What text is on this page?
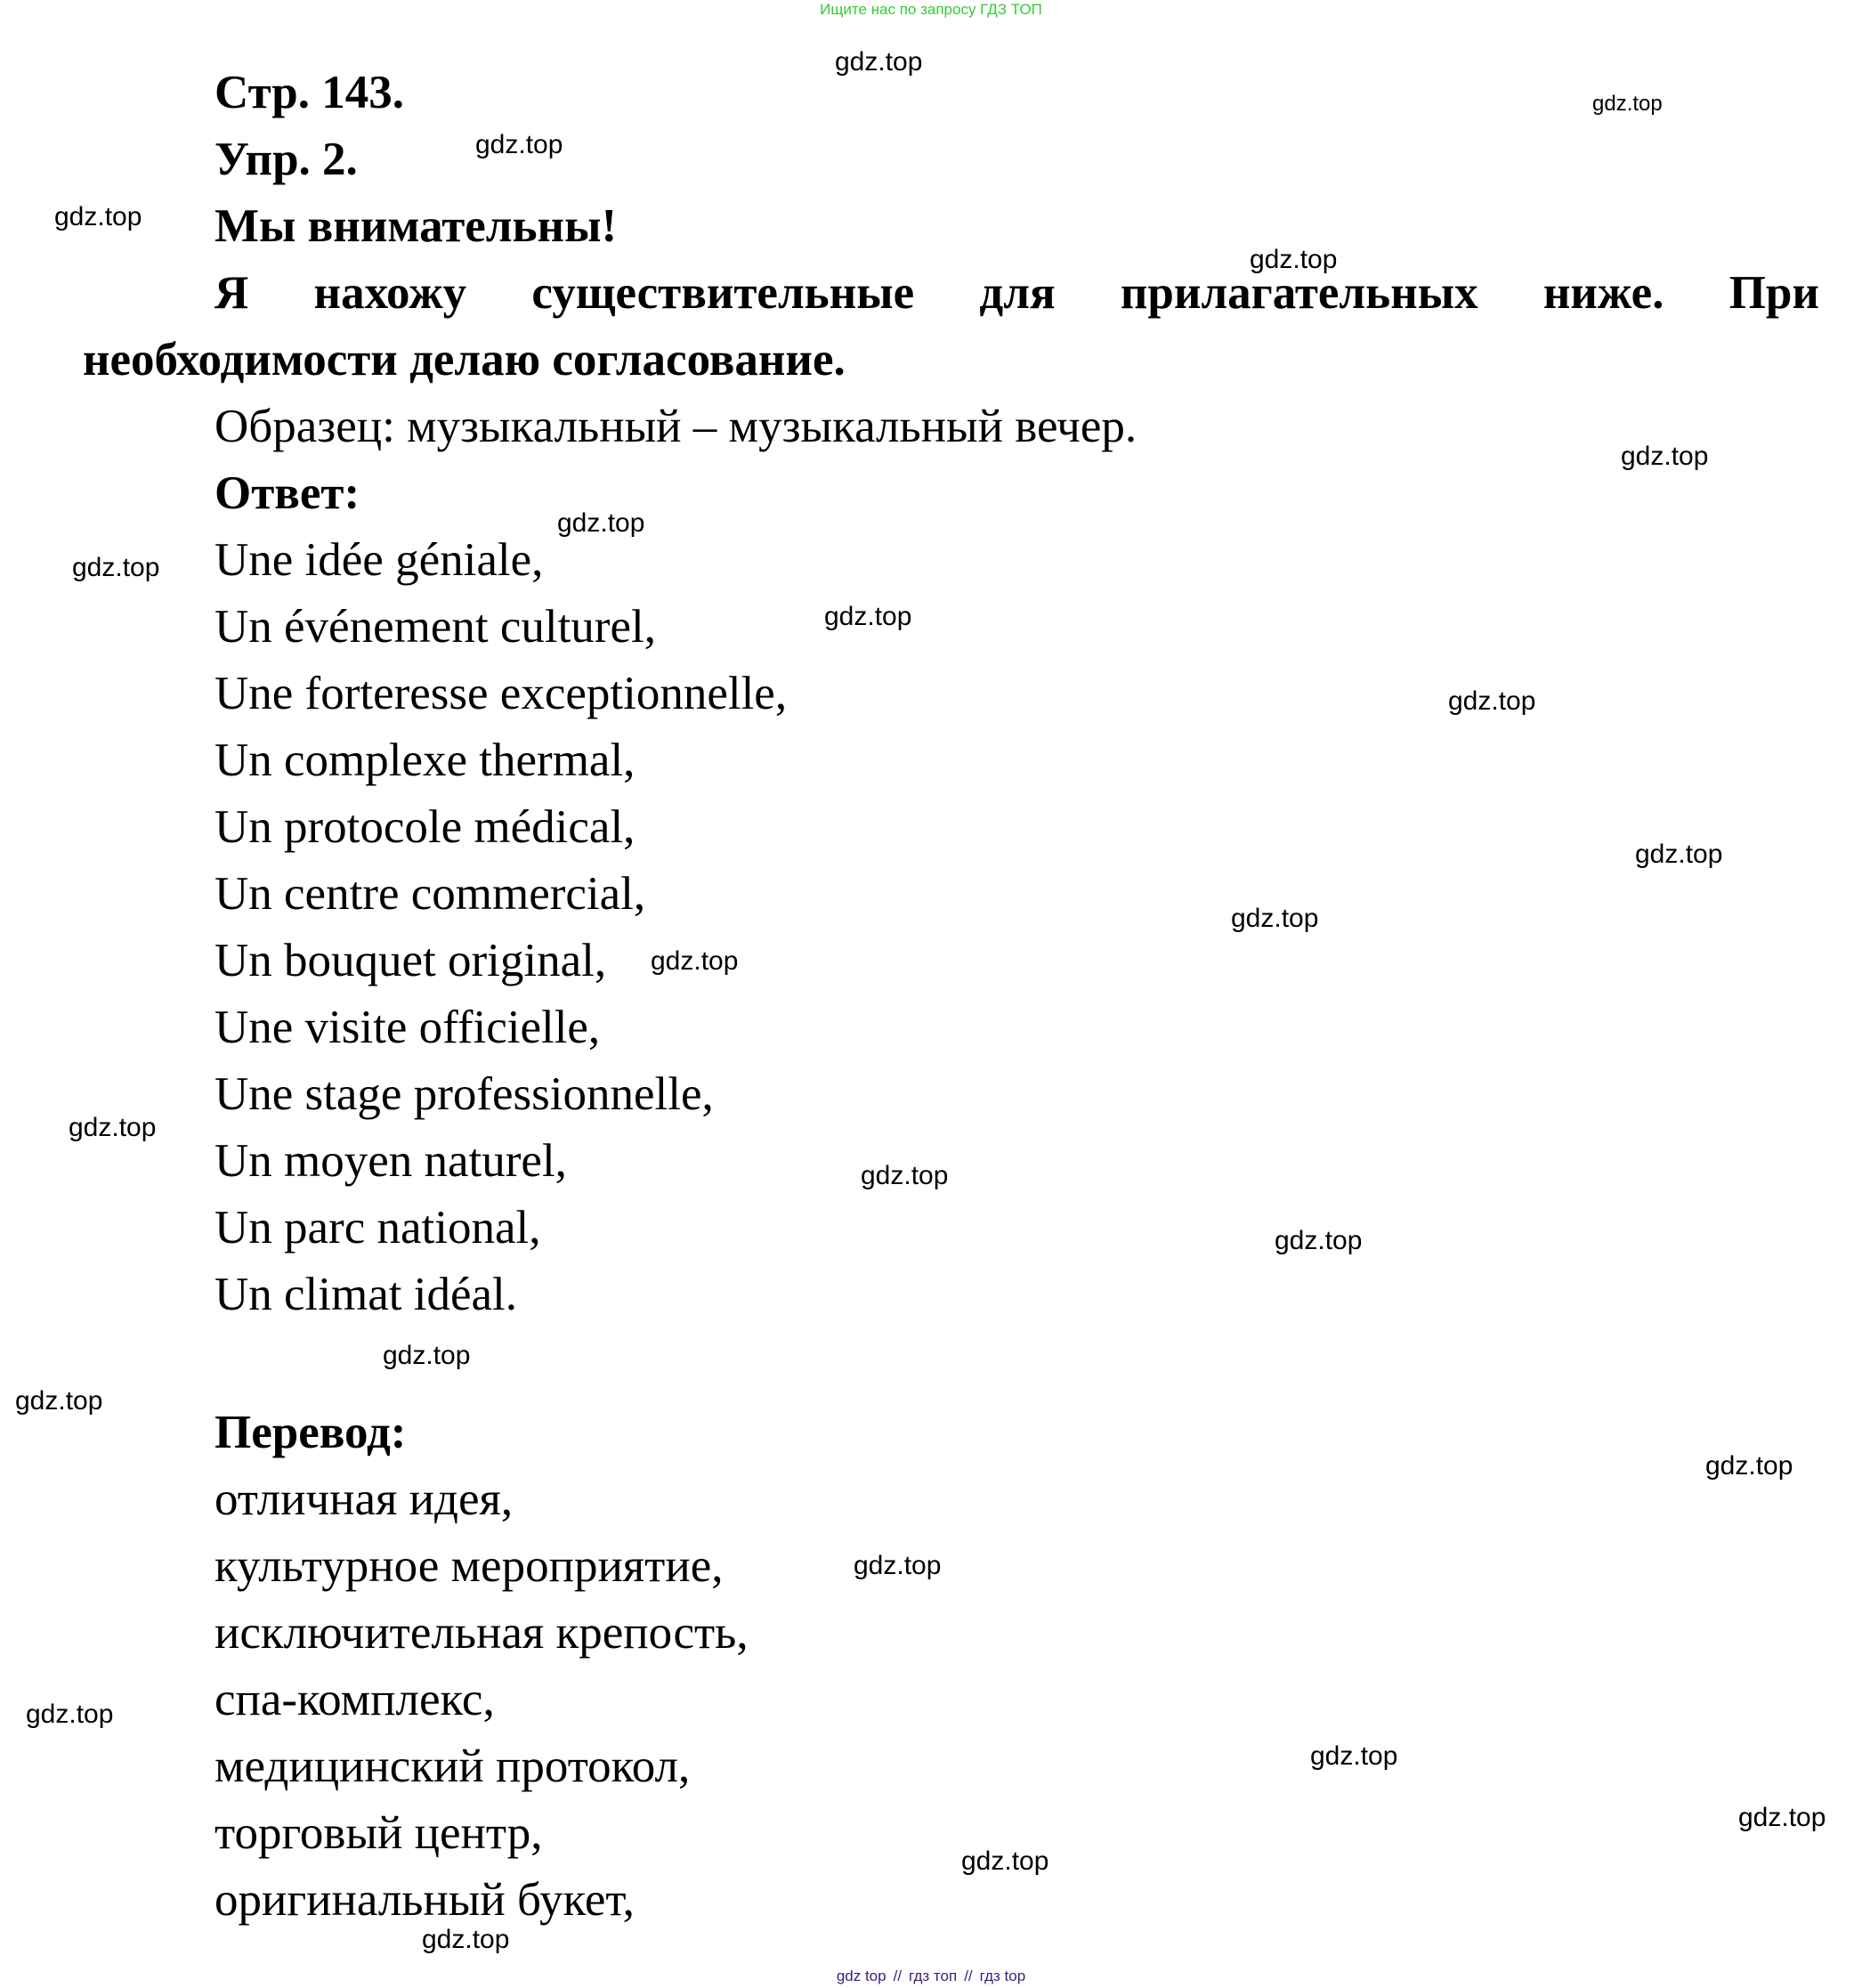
Ищите нас по запросу ГДЗ ТОП
Стр. 143.
Упр. 2.
Мы внимательны!
Я нахожу существительные для прилагательных ниже. При
необходимости делаю согласование.
Образец: музыкальный – музыкальный вечер.
Ответ:
Une idée géniale,
Un événement culturel,
Une forteresse exceptionnelle,
Un complexe thermal,
Un protocole médical,
Un centre commercial,
Un bouquet original,
Une visite officielle,
Une stage professionnelle,
Un moyen naturel,
Un parc national,
Un climat idéal.
Перевод:
отличная идея,
культурное мероприятие,
исключительная крепость,
спа-комплекс,
медицинский протокол,
торговый центр,
оригинальный букет,
gdz.top
gdz.top
gdz.top
gdz.top
gdz.top
gdz.top
gdz.top
gdz.top
gdz.top
gdz.top
gdz.top
gdz.top
gdz.top
gdz.top
gdz.top
gdz.top
gdz.top
gdz.top
gdz.top
gdz.top
gdz.top
gdz.top
gdz.top
gdz.top
gdz.top
gdz top // гдз топ // гдз top
